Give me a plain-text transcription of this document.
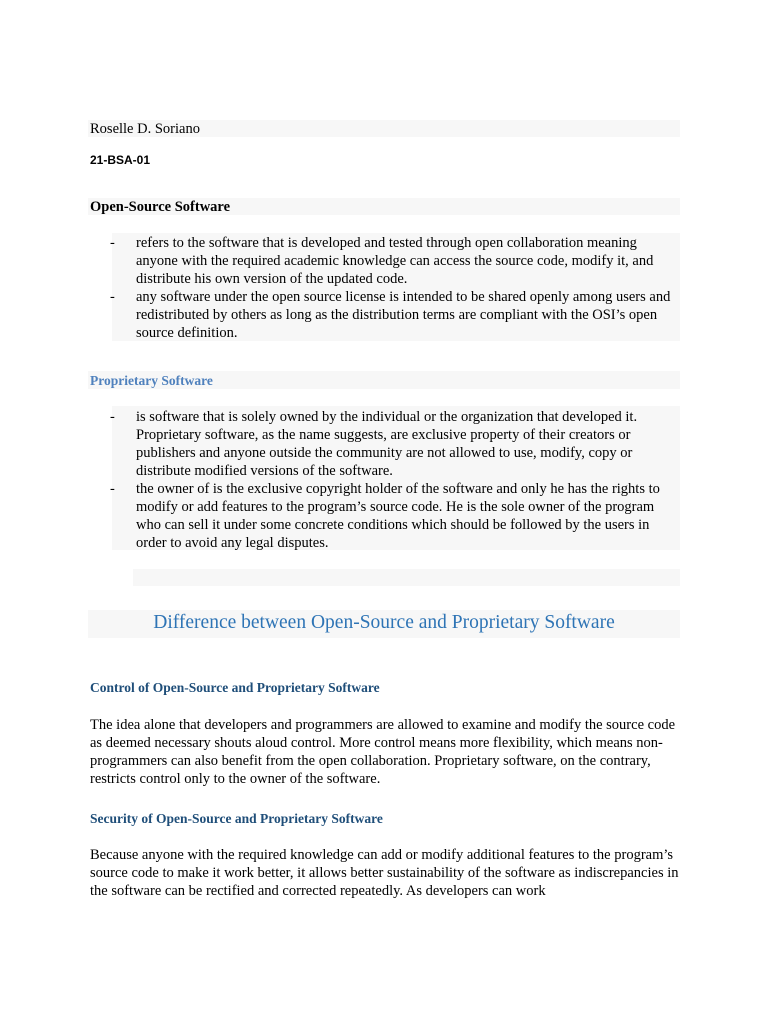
Roselle D. Soriano
21-BSA-01
Open-Source Software
- refers to the software that is developed and tested through open collaboration meaning anyone with the required academic knowledge can access the source code, modify it, and distribute his own version of the updated code.
- any software under the open source license is intended to be shared openly among users and redistributed by others as long as the distribution terms are compliant with the OSI’s open source definition.
Proprietary Software
- is software that is solely owned by the individual or the organization that developed it. Proprietary software, as the name suggests, are exclusive property of their creators or publishers and anyone outside the community are not allowed to use, modify, copy or distribute modified versions of the software.
- the owner of is the exclusive copyright holder of the software and only he has the rights to modify or add features to the program’s source code. He is the sole owner of the program who can sell it under some concrete conditions which should be followed by the users in order to avoid any legal disputes.
Difference between Open-Source and Proprietary Software
Control of Open-Source and Proprietary Software

The idea alone that developers and programmers are allowed to examine and modify the source code as deemed necessary shouts aloud control. More control means more flexibility, which means non-programmers can also benefit from the open collaboration. Proprietary software, on the contrary, restricts control only to the owner of the software.

Security of Open-Source and Proprietary Software

Because anyone with the required knowledge can add or modify additional features to the program’s source code to make it work better, it allows better sustainability of the software as indiscrepancies in the software can be rectified and corrected repeatedly. As developers can work
